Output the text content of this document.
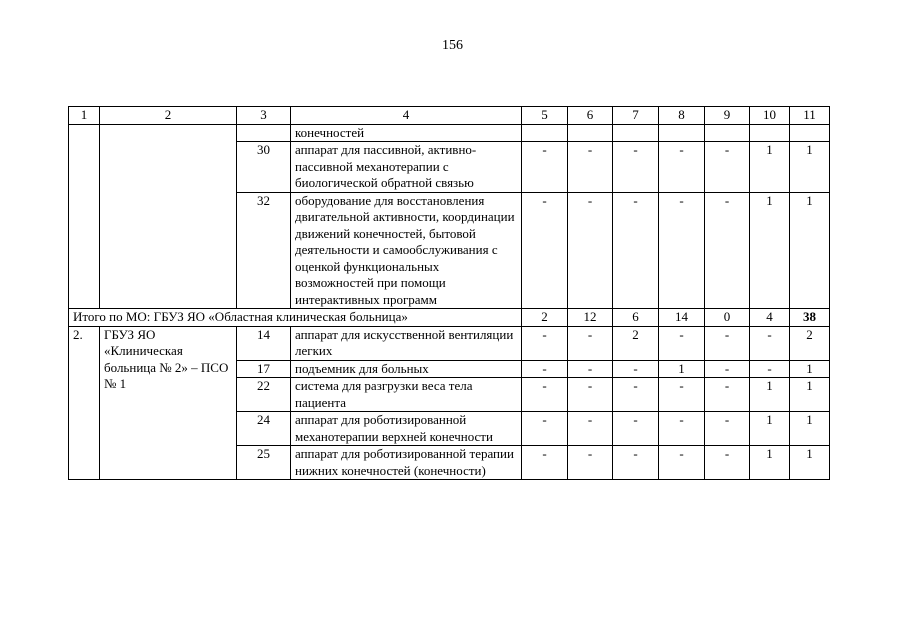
156
1	2	3	4	5	6	7	8	9	10	11
			конечностей							
		30	аппарат для пассивной, активно-пассивной механотерапии с биологической обратной связью	-	-	-	-	-	1	1
		32	оборудование для восстановления двигательной активности, координации движений конечностей, бытовой деятельности и самообслуживания с оценкой функциональных возможностей при помощи интерактивных программ	-	-	-	-	-	1	1
Итого по МО: ГБУЗ ЯО «Областная клиническая больница»				2	12	6	14	0	4	38
2.	ГБУЗ ЯО «Клиническая больница № 2» – ПСО № 1	14	аппарат для искусственной вентиляции легких	-	-	2	-	-	-	2
		17	подъемник для больных	-	-	-	1	-	-	1
		22	система для разгрузки веса тела пациента	-	-	-	-	-	1	1
		24	аппарат для роботизированной механотерапии верхней конечности	-	-	-	-	-	1	1
		25	аппарат для роботизированной терапии нижних конечностей (конечности)	-	-	-	-	-	1	1
